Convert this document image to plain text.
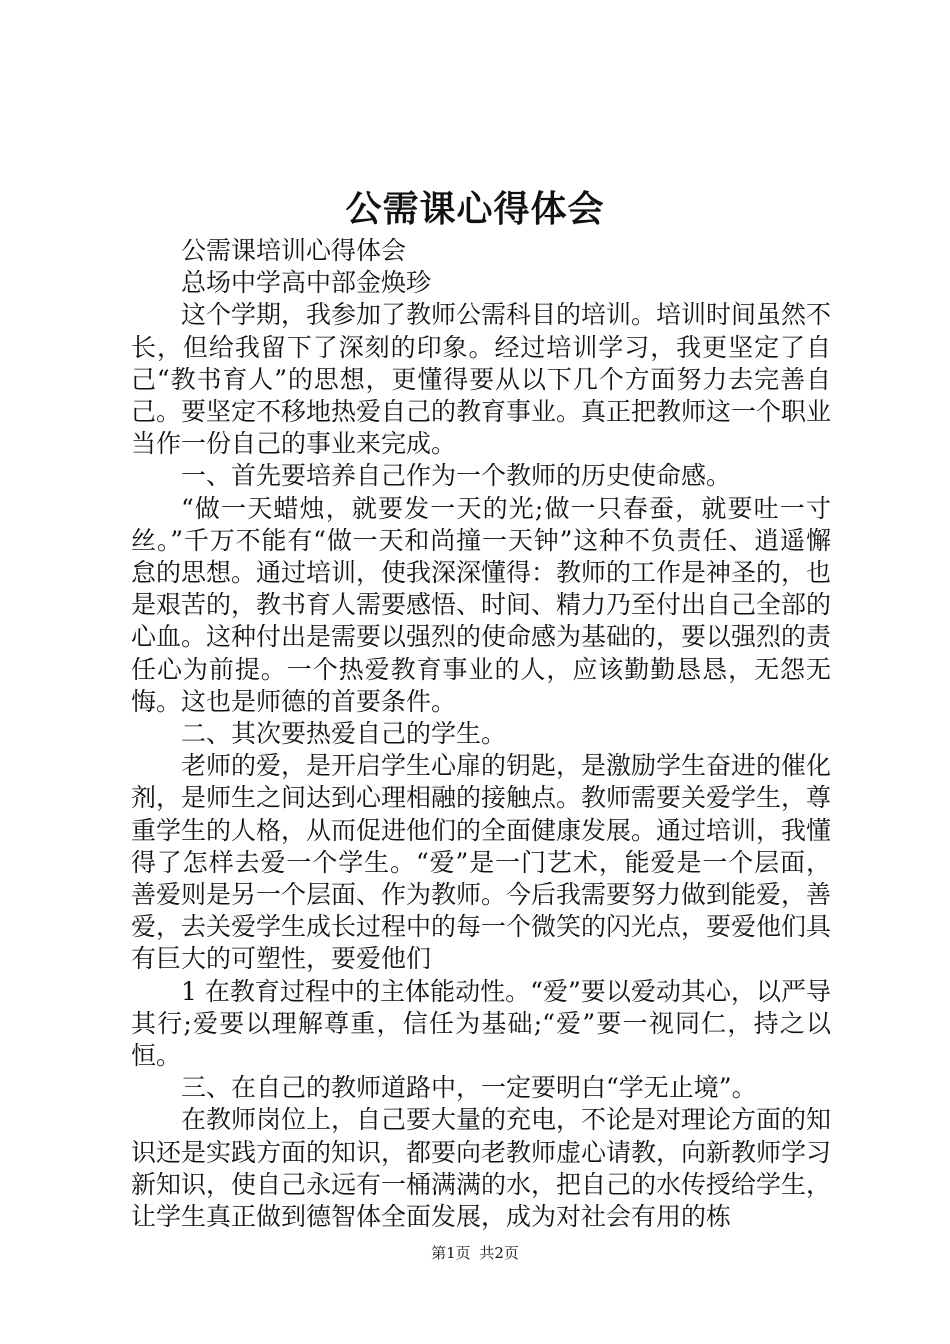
公需课心得体会

公需课培训心得体会

总场中学高中部金焕珍

这个学期，我参加了教师公需科目的培训。培训时间虽然不长，但给我留下了深刻的印象。经过培训学习，我更坚定了自己“教书育人”的思想，更懂得要从以下几个方面努力去完善自己。要坚定不移地热爱自己的教育事业。真正把教师这一个职业当作一份自己的事业来完成。

一、首先要培养自己作为一个教师的历史使命感。

“做一天蜡烛，就要发一天的光;做一只春蚕，就要吐一寸丝。”千万不能有“做一天和尚撞一天钟”这种不负责任、逍遥懈怠的思想。通过培训，使我深深懂得：教师的工作是神圣的，也是艰苦的，教书育人需要感悟、时间、精力乃至付出自己全部的心血。这种付出是需要以强烈的使命感为基础的，要以强烈的责任心为前提。一个热爱教育事业的人，应该勤勤恳恳，无怨无悔。这也是师德的首要条件。

二、其次要热爱自己的学生。

老师的爱，是开启学生心扉的钥匙，是激励学生奋进的催化剂，是师生之间达到心理相融的接触点。教师需要关爱学生，尊重学生的人格，从而促进他们的全面健康发展。通过培训，我懂得了怎样去爱一个学生。“爱”是一门艺术，能爱是一个层面，善爱则是另一个层面、作为教师。今后我需要努力做到能爱，善爱，去关爱学生成长过程中的每一个微笑的闪光点，要爱他们具有巨大的可塑性，要爱他们

1 在教育过程中的主体能动性。“爱”要以爱动其心，以严导其行;爱要以理解尊重，信任为基础;“爱”要一视同仁，持之以恒。

三、在自己的教师道路中，一定要明白“学无止境”。

在教师岗位上，自己要大量的充电，不论是对理论方面的知识还是实践方面的知识，都要向老教师虚心请教，向新教师学习新知识，使自己永远有一桶满满的水，把自己的水传授给学生，让学生真正做到德智体全面发展，成为对社会有用的栋

第1页 共2页
